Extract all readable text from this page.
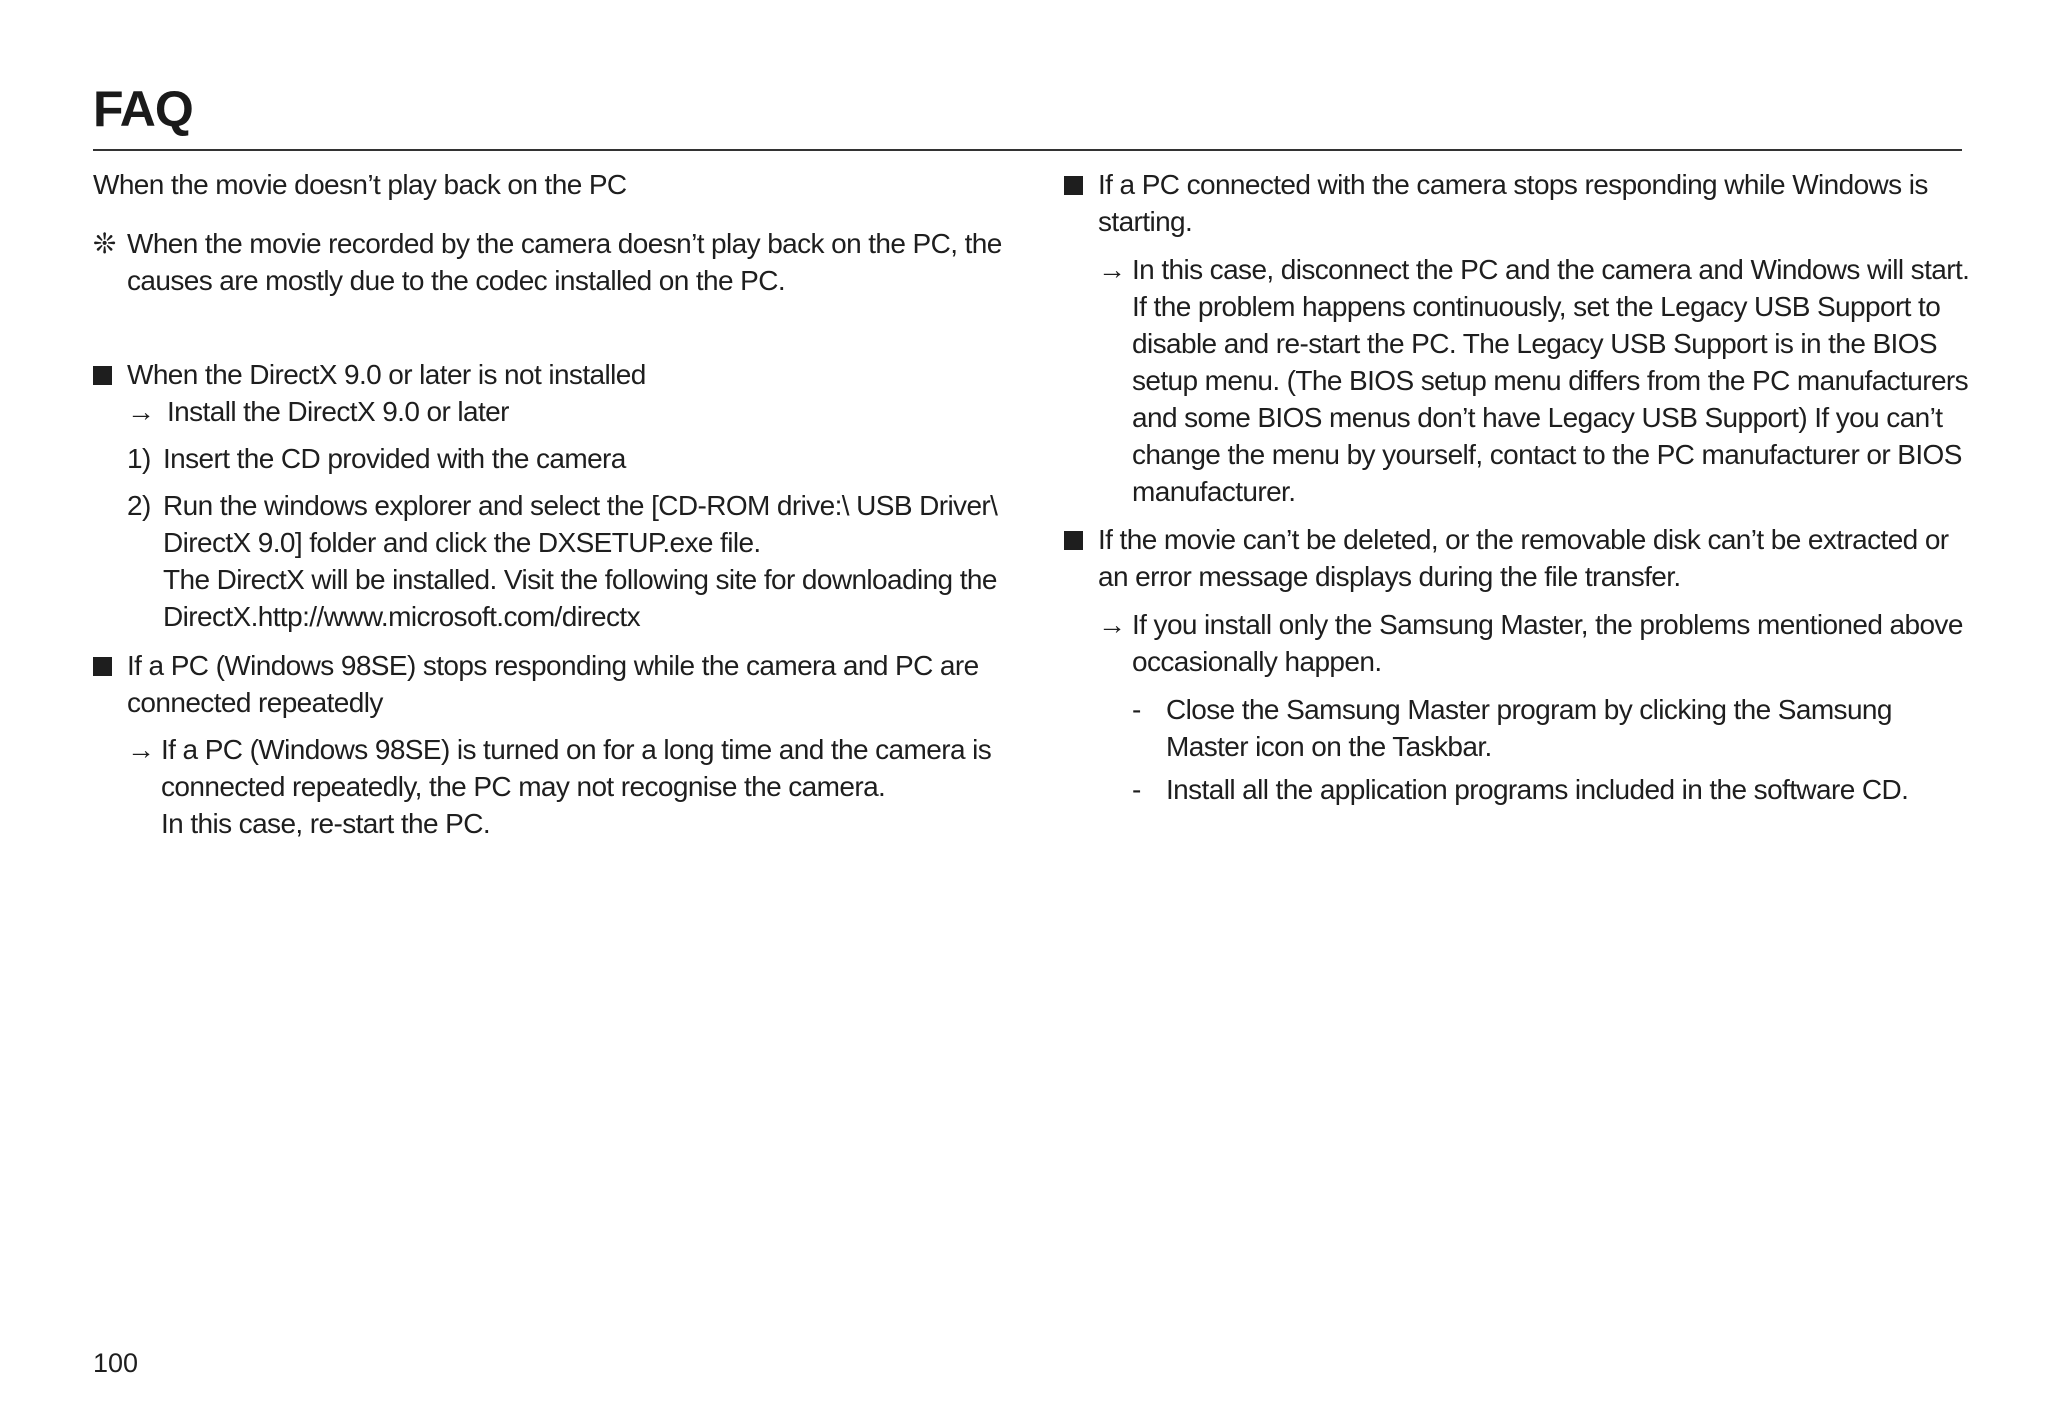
FAQ
When the movie doesn’t play back on the PC
❊ When the movie recorded by the camera doesn’t play back on the PC, the causes are mostly due to the codec installed on the PC.
When the DirectX 9.0 or later is not installed
→ Install the DirectX 9.0 or later
1) Insert the CD provided with the camera
2) Run the windows explorer and select the [CD-ROM drive:\ USB Driver\
DirectX 9.0] folder and click the DXSETUP.exe file.
The DirectX will be installed. Visit the following site for downloading the
DirectX.http://www.microsoft.com/directx
If a PC (Windows 98SE) stops responding while the camera and PC are connected repeatedly
→ If a PC (Windows 98SE) is turned on for a long time and the camera is
connected repeatedly, the PC may not recognise the camera.
In this case, re-start the PC.
If a PC connected with the camera stops responding while Windows is starting.
→ In this case, disconnect the PC and the camera and Windows will start. If the problem happens continuously, set the Legacy USB Support to disable and re-start the PC. The Legacy USB Support is in the BIOS setup menu. (The BIOS setup menu differs from the PC manufacturers and some BIOS menus don’t have Legacy USB Support) If you can’t change the menu by yourself, contact to the PC manufacturer or BIOS manufacturer.
If the movie can’t be deleted, or the removable disk can’t be extracted or an error message displays during the file transfer.
→ If you install only the Samsung Master, the problems mentioned above occasionally happen.
- Close the Samsung Master program by clicking the Samsung Master icon on the Taskbar.
- Install all the application programs included in the software CD.
100
